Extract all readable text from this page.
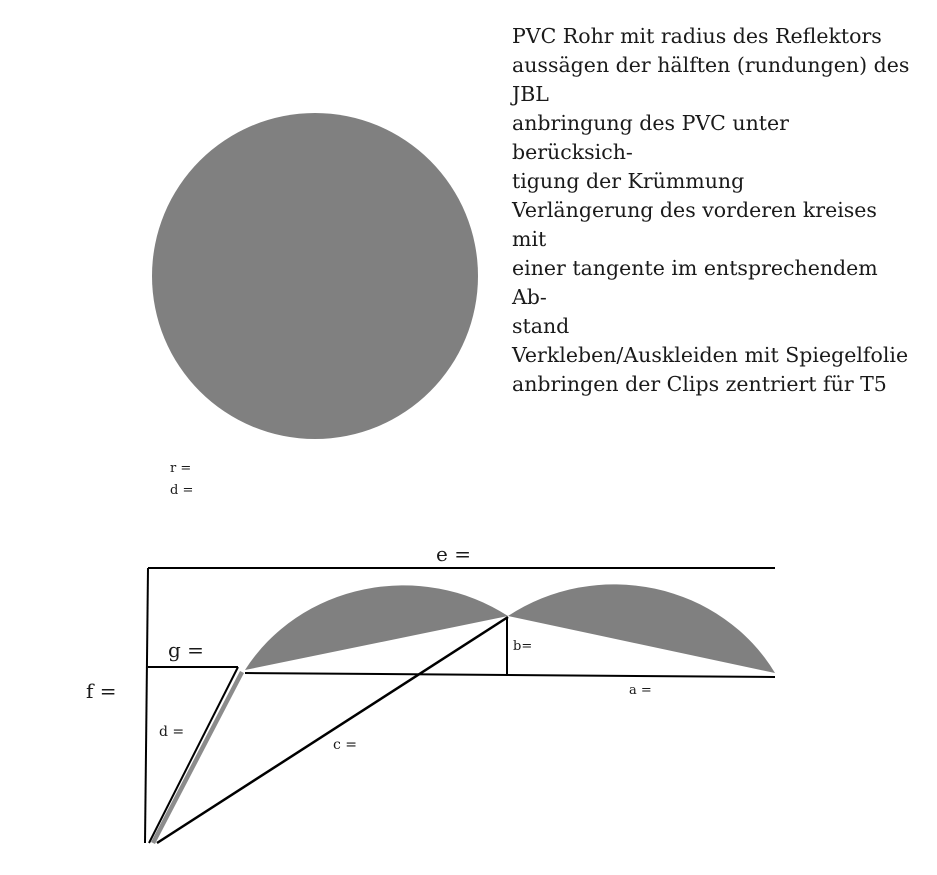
r =
d =
e =
g =
f =
d =
c =
b=
a =
PVC Rohr mit radius des Reflektors
aussägen der hälften (rundungen) des
JBL
anbringung des PVC unter berücksich-
tigung der Krümmung
Verlängerung des vorderen kreises mit
einer tangente im entsprechendem Ab-
stand
Verkleben/Auskleiden mit Spiegelfolie
anbringen der Clips zentriert für T5
